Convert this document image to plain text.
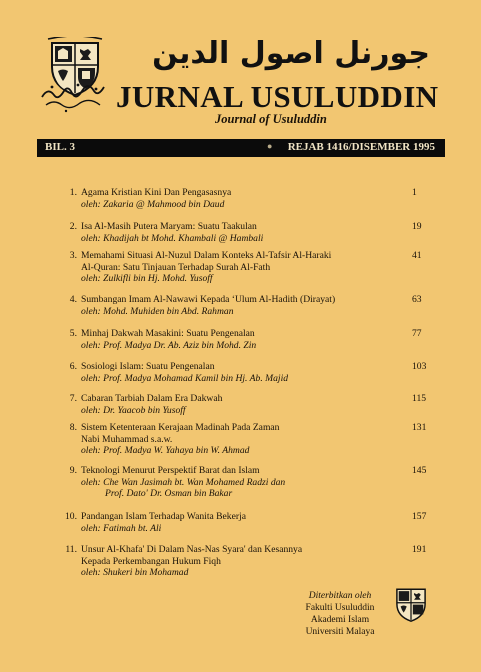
جورنل اصول الدين
JURNAL USULUDDIN
Journal of Usuluddin
BIL. 3	● REJAB 1416/DISEMBER 1995
1. Agama Kristian Kini Dan Pengasasnya
oleh: Zakaria @ Mahmood bin Daud
1
2. Isa Al-Masih Putera Maryam: Suatu Taakulan
oleh: Khadijah bt Mohd. Khambali @ Hambali
19
3. Memahami Situasi Al-Nuzul Dalam Konteks Al-Tafsir Al-Haraki
Al-Quran: Satu Tinjauan Terhadap Surah Al-Fath
oleh: Zulkifli bin Hj. Mohd. Yusoff
41
4. Sumbangan Imam Al-Nawawi Kepada ‘Ulum Al-Hadith (Dirayat)
oleh: Mohd. Muhiden bin Abd. Rahman
63
5. Minhaj Dakwah Masakini: Suatu Pengenalan
oleh: Prof. Madya Dr. Ab. Aziz bin Mohd. Zin
77
6. Sosiologi Islam: Suatu Pengenalan
oleh: Prof. Madya Mohamad Kamil bin Hj. Ab. Majid
103
7. Cabaran Tarbiah Dalam Era Dakwah
oleh: Dr. Yaacob bin Yusoff
115
8. Sistem Ketenteraan Kerajaan Madinah Pada Zaman
Nabi Muhammad s.a.w.
oleh: Prof. Madya W. Yahaya bin W. Ahmad
131
9. Teknologi Menurut Perspektif Barat dan Islam
oleh: Che Wan Jasimah bt. Wan Mohamed Radzi dan
Prof. Dato' Dr. Osman bin Bakar
145
10. Pandangan Islam Terhadap Wanita Bekerja
oleh: Fatimah bt. Ali
157
11. Unsur Al-Khafa' Di Dalam Nas-Nas Syara' dan Kesannya
Kepada Perkembangan Hukum Fiqh
oleh: Shukeri bin Mohamad
191
Diterbitkan oleh
Fakulti Usuluddin
Akademi Islam
Universiti Malaya
